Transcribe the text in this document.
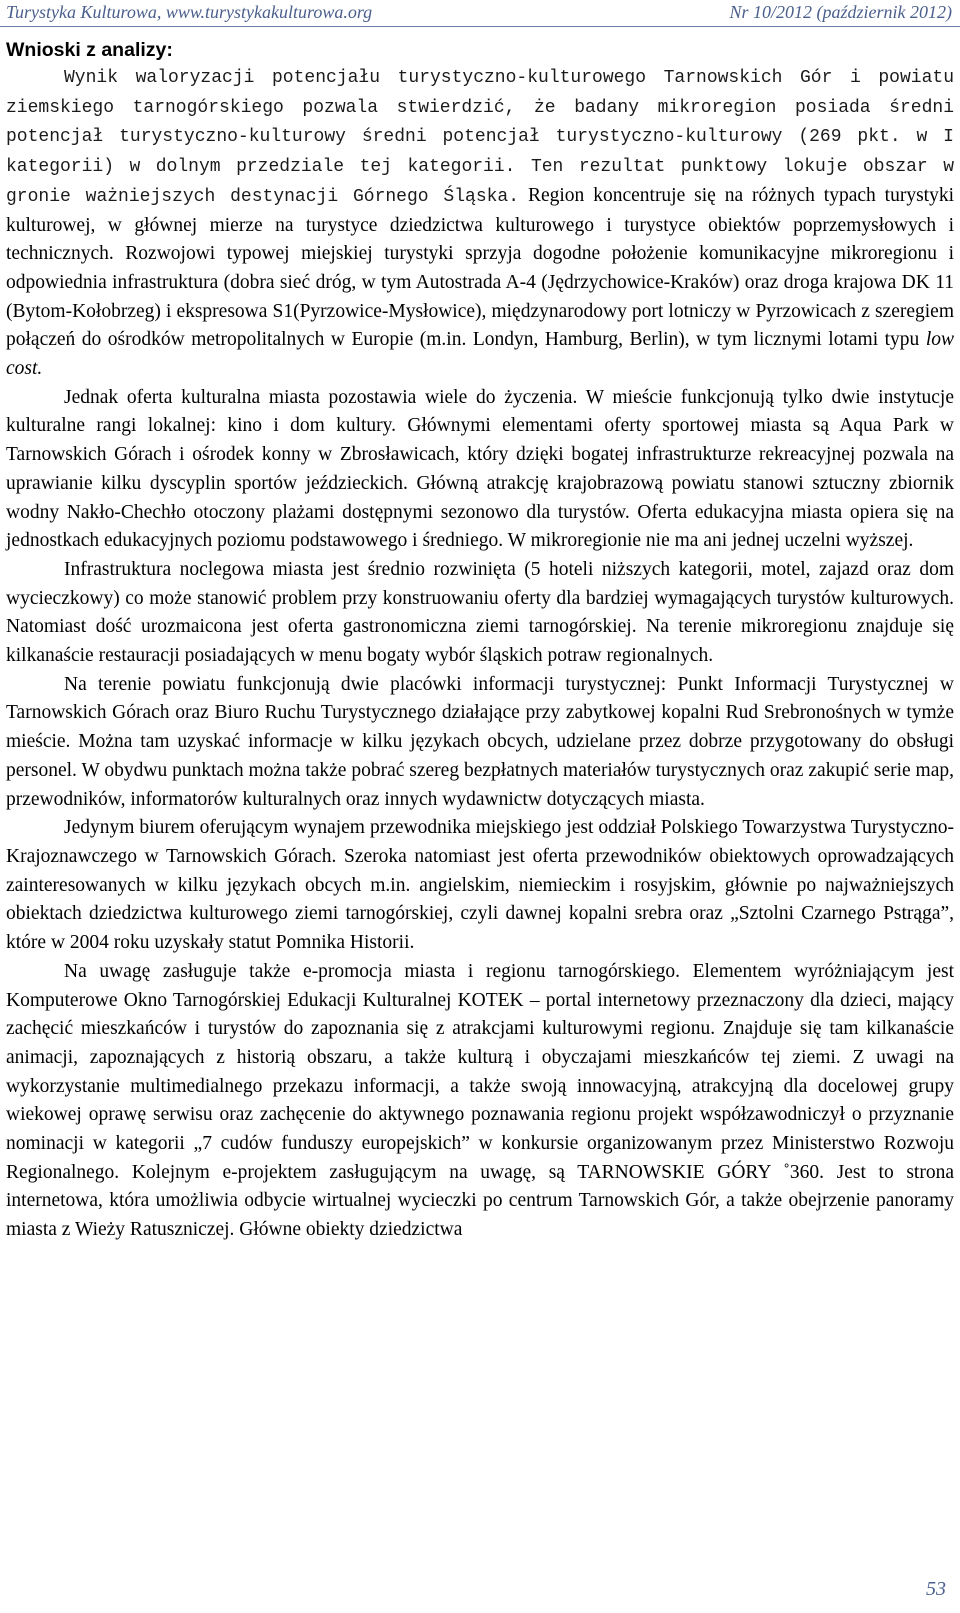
Turystyka Kulturowa, www.turystykakulturowa.org	Nr 10/2012 (październik 2012)
Wnioski z analizy:

Wynik waloryzacji potencjału turystyczno-kulturowego Tarnowskich Gór i powiatu ziemskiego tarnogórskiego pozwala stwierdzić, że badany mikroregion posiada średni potencjał turystyczno-kulturowy średni potencjał turystyczno-kulturowy (269 pkt. w I kategorii) w dolnym przedziale tej kategorii. Ten rezultat punktowy lokuje obszar w gronie ważniejszych destynacji Górnego Śląska. Region koncentruje się na różnych typach turystyki kulturowej, w głównej mierze na turystyce dziedzictwa kulturowego i turystyce obiektów poprzemysłowych i technicznych. Rozwojowi typowej miejskiej turystyki sprzyja dogodne położenie komunikacyjne mikroregionu i odpowiednia infrastruktura (dobra sieć dróg, w tym Autostrada A-4 (Jędrzychowice-Kraków) oraz droga krajowa DK 11 (Bytom-Kołobrzeg) i ekspresowa S1(Pyrzowice-Mysłowice), międzynarodowy port lotniczy w Pyrzowicach z szeregiem połączeń do ośrodków metropolitalnych w Europie (m.in. Londyn, Hamburg, Berlin), w tym licznymi lotami typu low cost.

Jednak oferta kulturalna miasta pozostawia wiele do życzenia. W mieście funkcjonują tylko dwie instytucje kulturalne rangi lokalnej: kino i dom kultury. Głównymi elementami oferty sportowej miasta są Aqua Park w Tarnowskich Górach i ośrodek konny w Zbrosławicach, który dzięki bogatej infrastrukturze rekreacyjnej pozwala na uprawianie kilku dyscyplin sportów jeździeckich. Główną atrakcję krajobrazową powiatu stanowi sztuczny zbiornik wodny Nakło-Chechło otoczony plażami dostępnymi sezonowo dla turystów. Oferta edukacyjna miasta opiera się na jednostkach edukacyjnych poziomu podstawowego i średniego. W mikroregionie nie ma ani jednej uczelni wyższej.

Infrastruktura noclegowa miasta jest średnio rozwinięta (5 hoteli niższych kategorii, motel, zajazd oraz dom wycieczkowy) co może stanowić problem przy konstruowaniu oferty dla bardziej wymagających turystów kulturowych. Natomiast dość urozmaicona jest oferta gastronomiczna ziemi tarnogórskiej. Na terenie mikroregionu znajduje się kilkanaście restauracji posiadających w menu bogaty wybór śląskich potraw regionalnych.

Na terenie powiatu funkcjonują dwie placówki informacji turystycznej: Punkt Informacji Turystycznej w Tarnowskich Górach oraz Biuro Ruchu Turystycznego działające przy zabytkowej kopalni Rud Srebronośnych w tymże mieście. Można tam uzyskać informacje w kilku językach obcych, udzielane przez dobrze przygotowany do obsługi personel. W obydwu punktach można także pobrać szereg bezpłatnych materiałów turystycznych oraz zakupić serie map, przewodników, informatorów kulturalnych oraz innych wydawnictw dotyczących miasta.

Jedynym biurem oferującym wynajem przewodnika miejskiego jest oddział Polskiego Towarzystwa Turystyczno-Krajoznawczego w Tarnowskich Górach. Szeroka natomiast jest oferta przewodników obiektowych oprowadzających zainteresowanych w kilku językach obcych m.in. angielskim, niemieckim i rosyjskim, głównie po najważniejszych obiektach dziedzictwa kulturowego ziemi tarnogórskiej, czyli dawnej kopalni srebra oraz „Sztolni Czarnego Pstrąga”, które w 2004 roku uzyskały statut Pomnika Historii.

Na uwagę zasługuje także e-promocja miasta i regionu tarnogórskiego. Elementem wyróżniającym jest Komputerowe Okno Tarnogórskiej Edukacji Kulturalnej KOTEK – portal internetowy przeznaczony dla dzieci, mający zachęcić mieszkańców i turystów do zapoznania się z atrakcjami kulturowymi regionu. Znajduje się tam kilkanaście animacji, zapoznających z historią obszaru, a także kulturą i obyczajami mieszkańców tej ziemi. Z uwagi na wykorzystanie multimedialnego przekazu informacji, a także swoją innowacyjną, atrakcyjną dla docelowej grupy wiekowej oprawę serwisu oraz zachęcenie do aktywnego poznawania regionu projekt współzawodniczył o przyznanie nominacji w kategorii „7 cudów funduszy europejskich” w konkursie organizowanym przez Ministerstwo Rozwoju Regionalnego. Kolejnym e-projektem zasługującym na uwagę, są TARNOWSKIE GÓRY ˚360. Jest to strona internetowa, która umożliwia odbycie wirtualnej wycieczki po centrum Tarnowskich Gór, a także obejrzenie panoramy miasta z Wieży Ratuszniczej. Główne obiekty dziedzictwa

53
